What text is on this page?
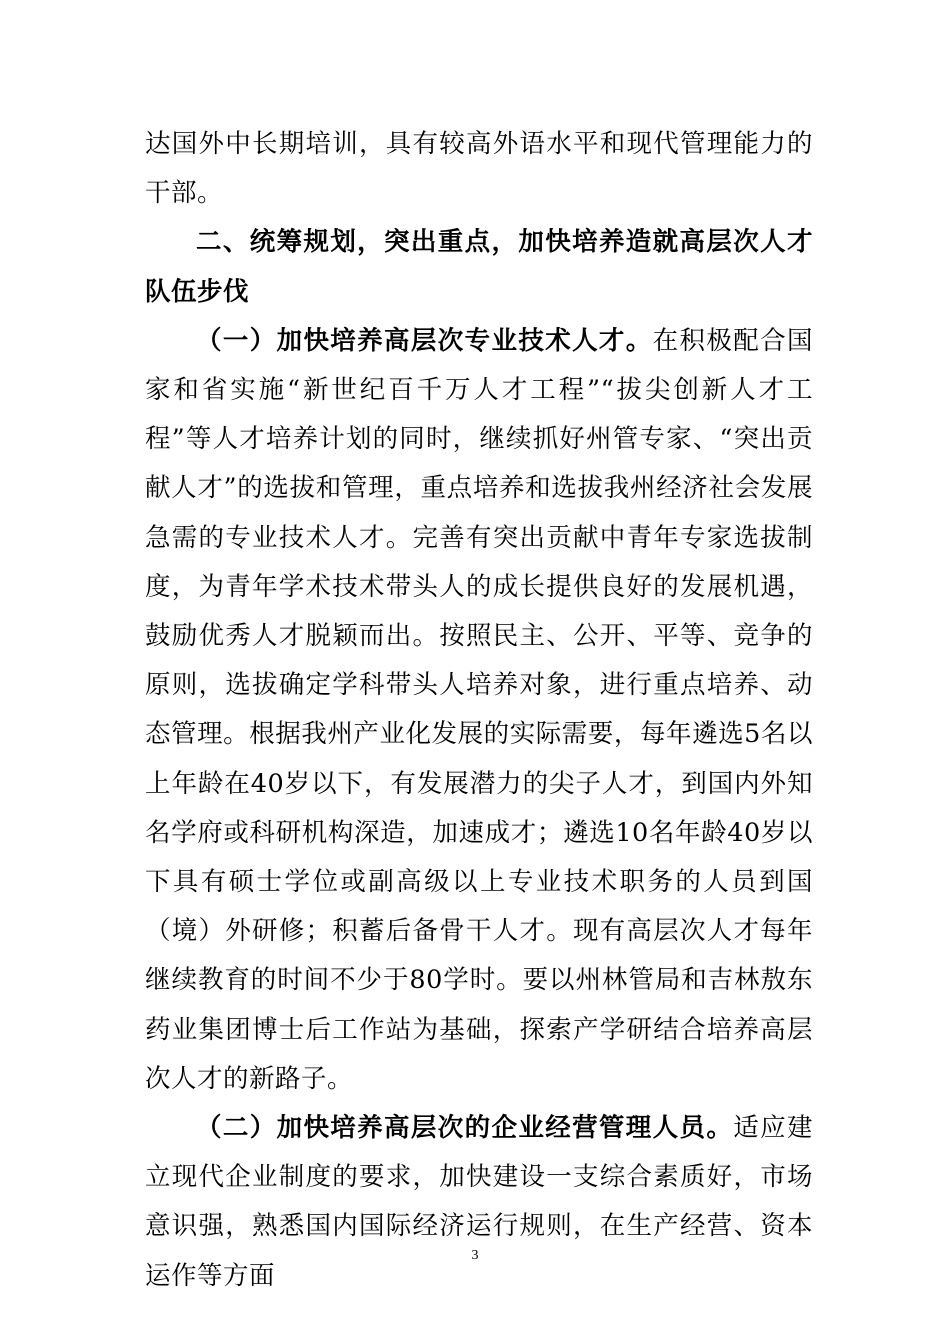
达国外中长期培训，具有较高外语水平和现代管理能力的干部。

二、统筹规划，突出重点，加快培养造就高层次人才队伍步伐

（一）加快培养高层次专业技术人才。在积极配合国家和省实施“新世纪百千万人才工程”“拔尖创新人才工程”等人才培养计划的同时，继续抓好州管专家、“突出贡献人才”的选拔和管理，重点培养和选拔我州经济社会发展急需的专业技术人才。完善有突出贡献中青年专家选拔制度，为青年学术技术带头人的成长提供良好的发展机遇，鼓励优秀人才脱颖而出。按照民主、公开、平等、竞争的原则，选拔确定学科带头人培养对象，进行重点培养、动态管理。根据我州产业化发展的实际需要，每年遴选5名以上年龄在40岁以下，有发展潜力的尖子人才，到国内外知名学府或科研机构深造，加速成才；遴选10名年龄40岁以下具有硕士学位或副高级以上专业技术职务的人员到国（境）外研修；积蓄后备骨干人才。现有高层次人才每年继续教育的时间不少于80学时。要以州林管局和吉林敖东药业集团博士后工作站为基础，探索产学研结合培养高层次人才的新路子。

（二）加快培养高层次的企业经营管理人员。适应建立现代企业制度的要求，加快建设一支综合素质好，市场意识强，熟悉国内国际经济运行规则，在生产经营、资本运作等方面

3
